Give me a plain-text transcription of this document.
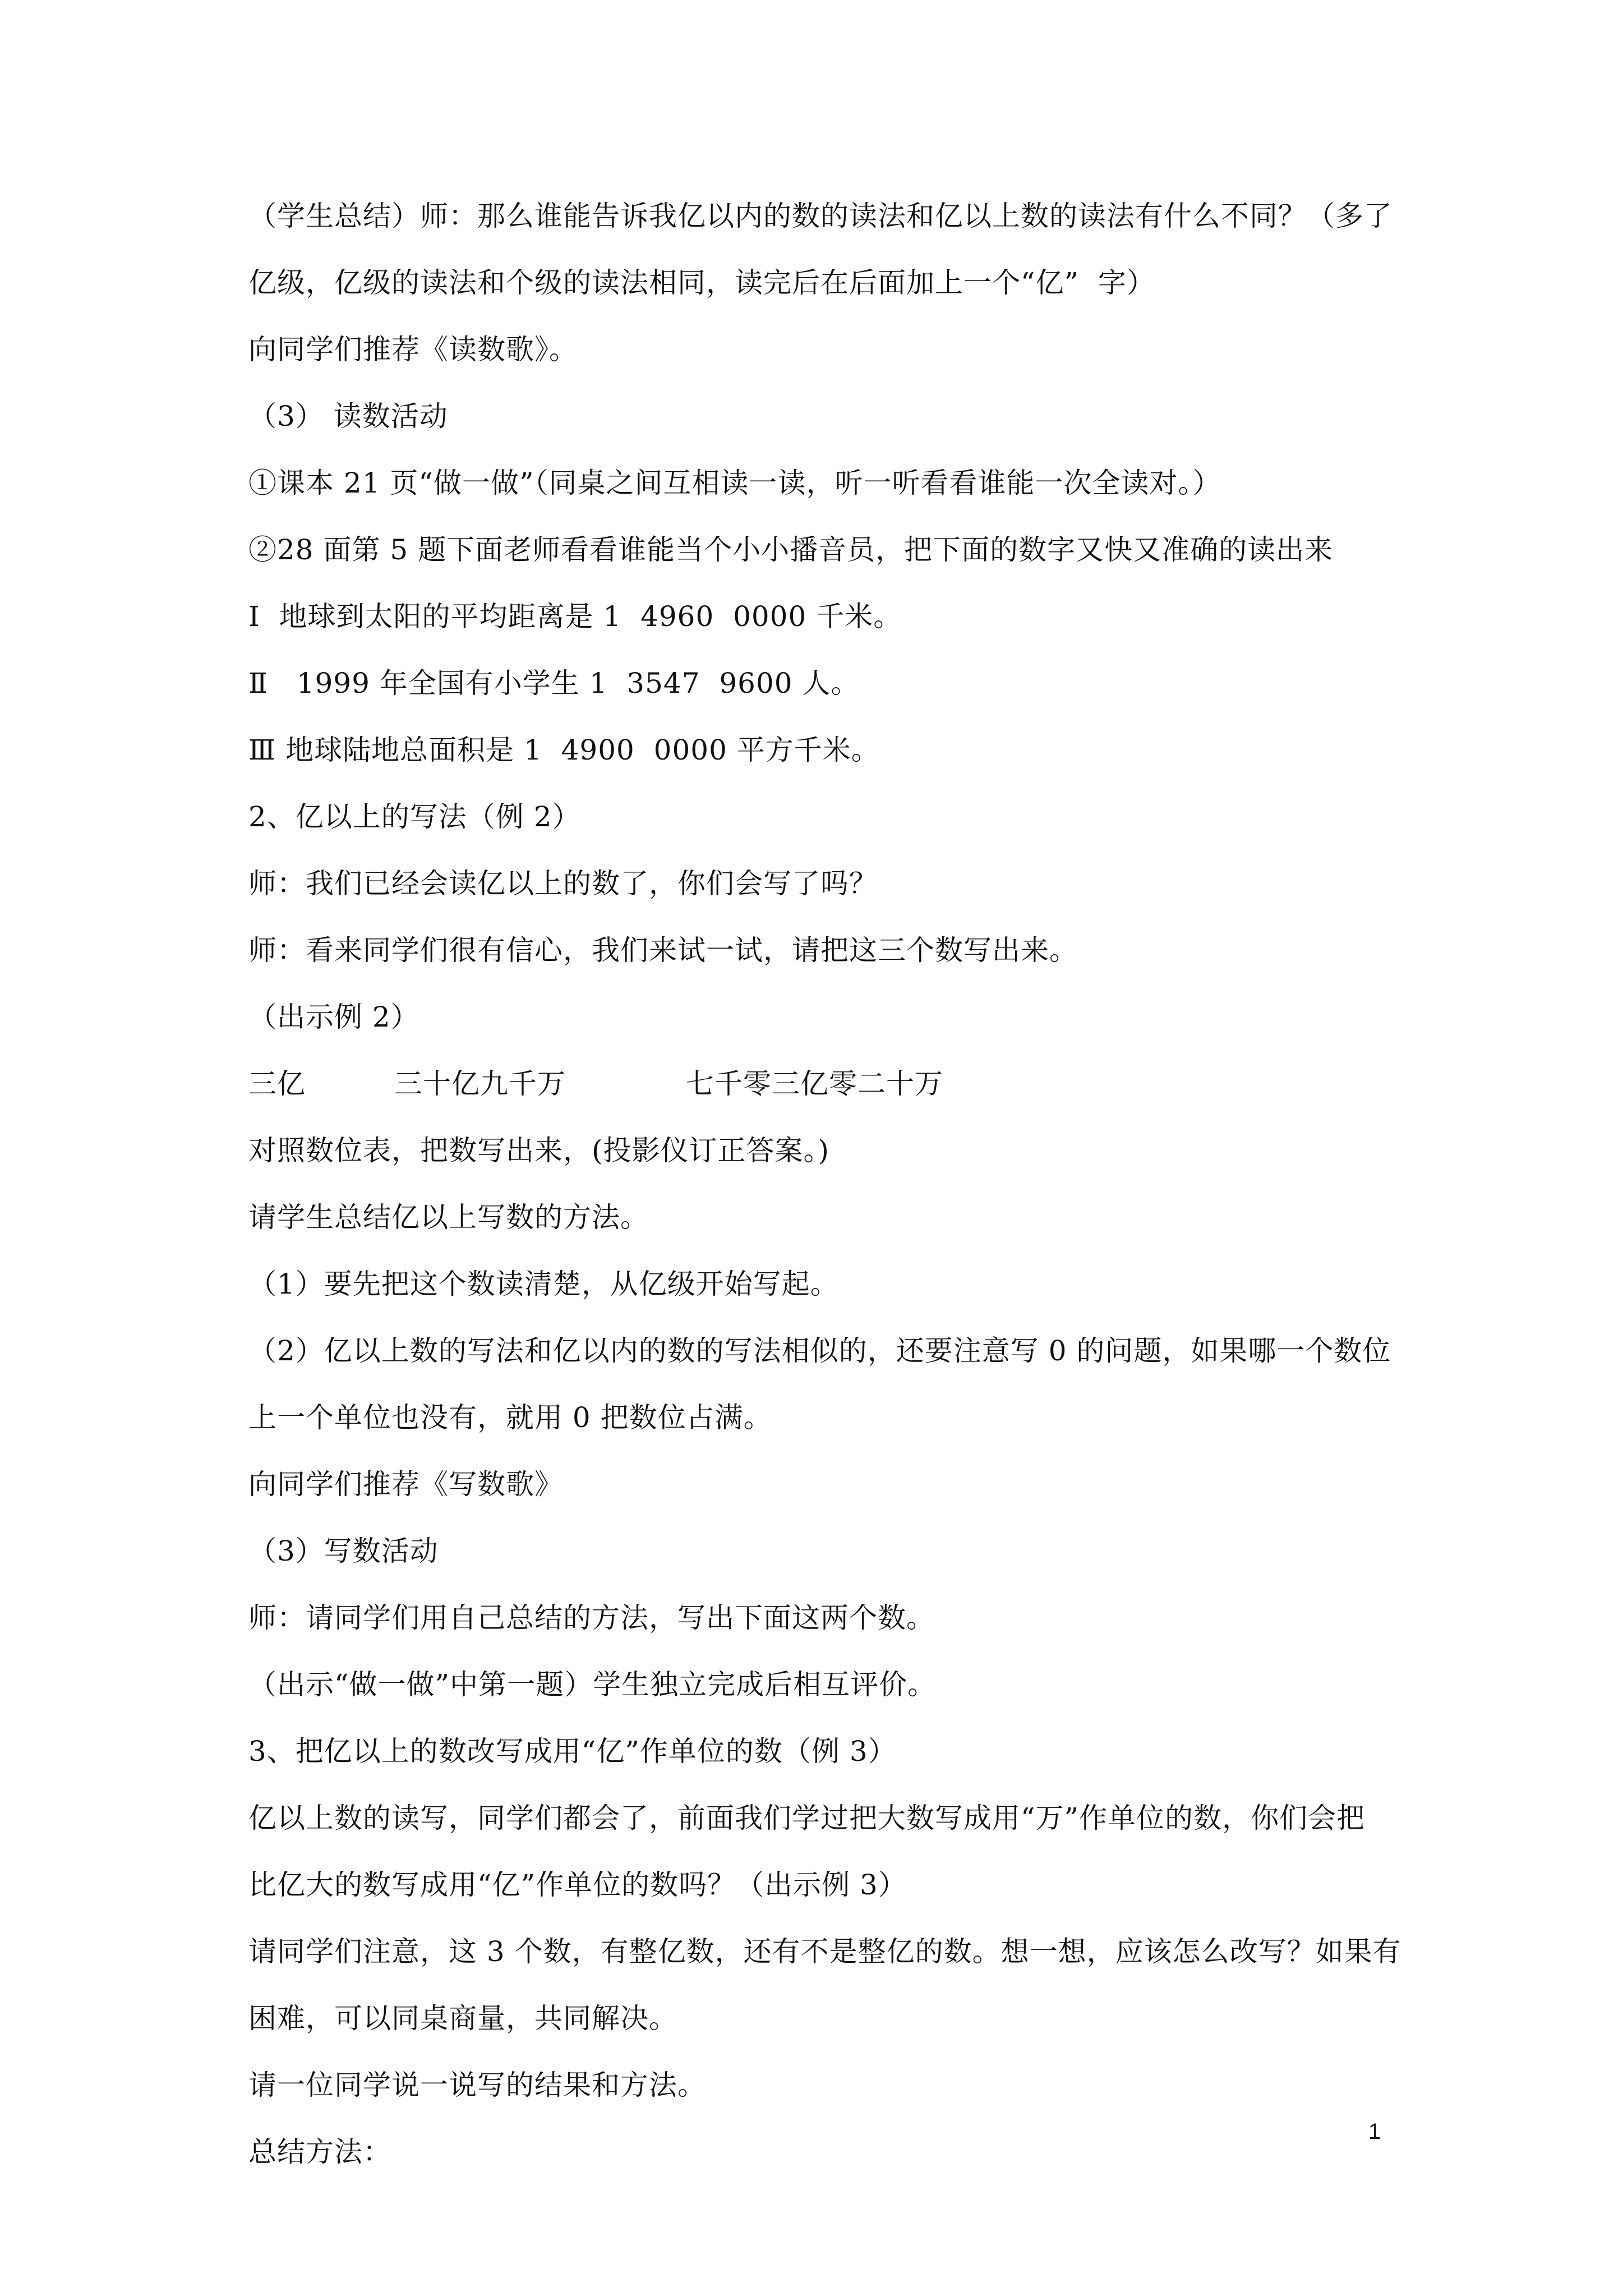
（学生总结）师：那么谁能告诉我亿以内的数的读法和亿以上数的读法有什么不同？（多了
亿级，亿级的读法和个级的读法相同，读完后在后面加上一个“亿”  字）
向同学们推荐《读数歌》。
（3） 读数活动
①课本 21 页“做一做”（同桌之间互相读一读，听一听看看谁能一次全读对。）
②28 面第 5 题下面老师看看谁能当个小小播音员，把下面的数字又快又准确的读出来
Ⅰ  地球到太阳的平均距离是 1  4960  0000 千米。
Ⅱ   1999 年全国有小学生 1  3547  9600 人。
Ⅲ 地球陆地总面积是 1  4900  0000 平方千米。
2、亿以上的写法（例 2）
师：我们已经会读亿以上的数了，你们会写了吗？
师：看来同学们很有信心，我们来试一试，请把这三个数写出来。
（出示例 2）
三亿	三十亿九千万	七千零三亿零二十万
对照数位表，把数写出来，(投影仪订正答案。)
请学生总结亿以上写数的方法。
（1）要先把这个数读清楚，从亿级开始写起。
（2）亿以上数的写法和亿以内的数的写法相似的，还要注意写 0 的问题，如果哪一个数位
上一个单位也没有，就用 0 把数位占满。
向同学们推荐《写数歌》
（3）写数活动
师：请同学们用自己总结的方法，写出下面这两个数。
（出示“做一做”中第一题）学生独立完成后相互评价。
3、把亿以上的数改写成用“亿”作单位的数（例 3）
亿以上数的读写，同学们都会了，前面我们学过把大数写成用“万”作单位的数，你们会把
比亿大的数写成用“亿”作单位的数吗？（出示例 3）
请同学们注意，这 3 个数，有整亿数，还有不是整亿的数。想一想，应该怎么改写？如果有
困难，可以同桌商量，共同解决。
请一位同学说一说写的结果和方法。
总结方法：
1
